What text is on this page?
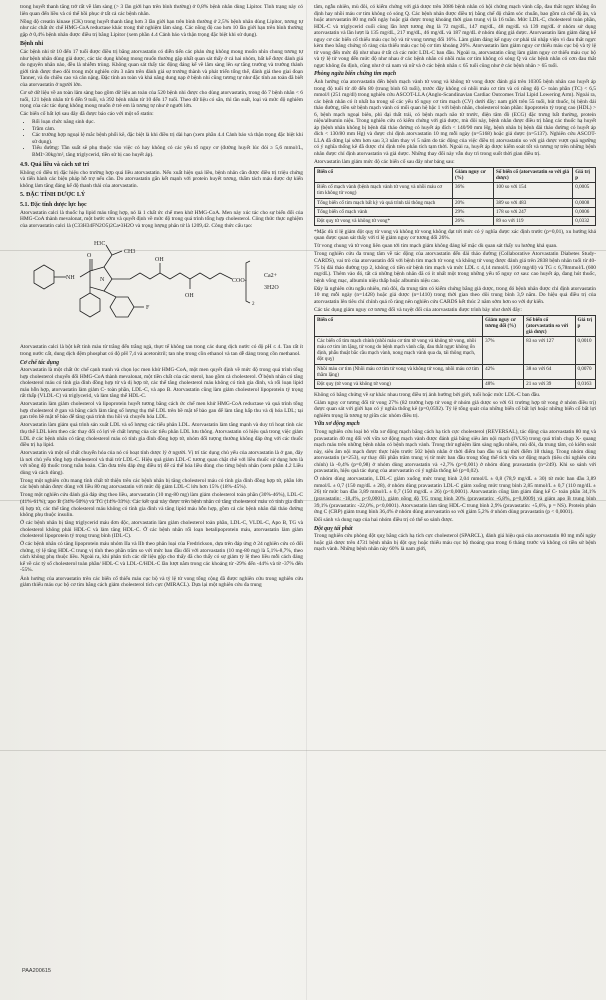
trong huyết thanh tăng trở rất về lâm sàng (> 3 lần giới hạn trên bình thường) ở 0,8% bệnh nhân dùng Lipitor. Tình trạng này có liên quan đến liều và có thể hồi phục ở tất cả các bệnh nhân.

Nồng độ creatin kinase (CK) trong huyết thanh tăng hơn 3 lần giới hạn trên bình thường ở 2,5% bệnh nhân dùng Lipitor, tương tự như các chất ức chế HMG-CoA reductase khác trong thử nghiệm lâm sàng. Các nồng độ cao hơn 10 lần giới hạn trên bình thường gặp ở 0,4% bệnh nhân được điều trị bằng Lipitor (xem phần 4.4 Cảnh báo và thận trọng đặc biệt khi sử dụng).

Bệnh nhi

Các bệnh nhi từ 10 đến 17 tuổi được điều trị bằng atorvastatin có diễn tiến các phản ứng không mong muốn nhìn chung tương tự như bệnh nhân dùng giả dược, các tác dụng không mong muốn thường gặp nhất quan sát thấy ở cả hai nhóm, bất kể được đánh giá do nguyên nhân nào, đều là nhiễm trùng. Không quan sát thấy tác động đáng kể về lâm sàng lên sự tăng trưởng và trưởng thành giới tính được theo dõi trong một nghiên cứu 3 năm trên đánh giá sự trưởng thành và phát triển tổng thể, đánh giá theo giai đoạn Tanner, và đo chiều cao và cân nặng. Đặc tính an toàn và khả năng dung nạp ở bệnh nhi cũng tương tự như đặc tính an toàn đã biết của atorvastatin ở người lớn.

Cơ sở dữ liệu về an toàn lâm sàng bao gồm dữ liệu an toàn của 520 bệnh nhi được cho dùng atorvastatin, trong đó 7 bệnh nhân < 6 tuổi, 121 bệnh nhân từ 6 đến 9 tuổi, và 392 bệnh nhân từ 10 đến 17 tuổi. Theo dữ liệu có sẵn, thì tần suất, loại và mức độ nghiêm trọng của các tác dụng không mong muốn ở trẻ em là tương tự như ở người lớn.

Các biến cố bất lợi sau đây đã được báo cáo với một số statin:

• Rối loạn chức năng sinh dục.
• Trầm cảm.
• Các trường hợp ngoại lệ mắc bệnh phổi kẽ, đặc biệt là khi điều trị dài hạn (xem phần 4.4 Cảnh báo và thận trọng đặc biệt khi sử dụng).
• Tiểu đường: Tần suất sẽ phụ thuộc vào việc có hay không có các yếu tố nguy cơ (đường huyết lúc đói ≥ 5,6 mmol/L, BMI>30kg/m², tăng triglycerid, tiền sử bị cao huyết áp).
4.9. Quá liều và cách xử trí

Không có điều trị đặc hiệu cho trường hợp quá liều atorvastatin. Nếu xuất hiện quá liều, bệnh nhân cần được điều trị triệu chứng và tiến hành các biện pháp hỗ trợ nếu cần. Do atorvastatin gắn kết mạnh với protein huyết tương, thẩm tách máu được dự kiến không làm tăng đáng kể độ thanh thải của atorvastatin.

5. ĐẶC TÍNH DƯỢC LÝ
5.1. Đặc tính dược lực học

Atorvastatin calci là thuốc hạ lipid máu tổng hợp, nó là 1 chất ức chế men khử HMG-CoA. Men này xúc tác cho sự biến đổi của HMG-CoA thành mevalonat, một bước sớm và quyết định về mức độ trong quá trình tổng hợp cholesterol. Công thức thực nghiệm của atorvastatin calci là (C33H34FN2O5)2Ca•3H2O và trọng lượng phân tử là 1209,42. Công thức cấu tạo:

NH
O
N
CH3
H3C
OH
OH
COO-
F
Ca2+
3H2O
2

Atorvastatin calci là bột kết tinh màu từ trắng đến trắng ngà, thực tế không tan trong các dung dịch nước có độ pH ≤ 4. Tan rất ít trong nước cất, dung dịch đệm phosphat có độ pH 7,4 và acetonitril; tan nhẹ trong cồn ethanol và tan dễ dàng trong cồn methanol.

Cơ chế tác dụng

Atorvastatin là một chất ức chế cạnh tranh và chọn lọc men khử HMG-CoA, một men quyết định về mức độ trong quá trình tổng hợp cholesterol chuyển đổi HMG-CoA thành mevalonat, một tiền chất của các sterol, bao gồm cả cholesterol. Ở bệnh nhân có tăng cholesterol máu có tính gia đình đồng hợp tử và dị hợp tử, các thể tăng cholesterol máu không có tính gia đình, và rối loạn lipid máu hỗn hợp, atorvastatin làm giảm C- toàn phần, LDL-C, và apo B. Atorvastatin cũng làm giảm cholesterol lipoprotein tỷ trọng rất thấp (VLDL-C) và triglycerid, và làm tăng thể HDL-C.

Atorvastatin làm giảm cholesterol và lipoprotein huyết tương bằng cách ức chế men khử HMG-CoA reductase và quá trình tổng hợp cholesterol ở gan và bằng cách làm tăng số lượng thụ thể LDL trên bề mặt tế bào gan để làm tăng hấp thu và dị hóa LDL; tại gan trên bề mặt tế bào để tăng quá trình thu hồi và chuyển hóa LDL.

Atorvastatin làm giảm quá trình sản xuất LDL và số lượng các tiểu phân LDL. Atorvastatin làm tăng mạnh và duy trì hoạt tính các thụ thể LDL kèm theo các thay đổi có lợi về chất lượng của các tiểu phân LDL lưu thông. Atorvastatin có hiệu quả trong việc giảm LDL ở các bệnh nhân có tăng cholesterol máu có tính gia đình đồng hợp tử, nhóm đối tượng thường không đáp ứng với các thuốc điều trị hạ lipid.

Atorvastatin và một số chất chuyển hóa của nó có hoạt tính dược lý ở người. Vị trí tác dụng chủ yếu của atorvastatin là ở gan, đây là nơi chủ yếu tổng hợp cholesterol và thải trừ LDL-C. Hiệu quả giảm LDL-C tương quan chặt chẽ với liều thuốc sử dụng hơn là với nồng độ thuốc trong tuần hoàn. Cần đưa trên đáp ứng điều trị để cá thể hóa liều dùng cho từng bệnh nhân (xem phần 4.2 Liều dùng và cách dùng).

Trong một nghiên cứu mang tính chất tử thiện trên các bệnh nhân bị tăng cholesterol máu có tính gia đình đồng hợp tử, phần lớn các bệnh nhân được dùng với liều 80 mg atorvastatin với mức độ giảm LDL-C lớn hơn 15% (18%-45%).

Trong một nghiên cứu đánh giá đáp ứng theo liều, atorvastatin (10 mg-80 mg) làm giảm cholesterol toàn phần (30%-46%), LDL-C (41%-61%), apo B (34%-50%) và TG (14%-33%). Các kết quả này được trên bệnh nhân có tăng cholesterol máu có tính gia đình dị hợp tử, các thể tăng cholesterol máu không có tính gia đình và tăng lipid máu hỗn hợp, gồm cả các bệnh nhân đái tháo đường không phụ thuộc insulin.

Ở các bệnh nhân bị tăng triglycerid máu đơn độc, atorvastatin làm giảm cholesterol toàn phần, LDL-C, VLDL-C, Apo B, TG và cholesterol không phải HDL-C và làm tăng HDL-C. Ở các bệnh nhân rối loạn betalipoprotein máu, atorvastatin làm giảm cholesterol lipoprotein tỷ trọng trung bình (IDL-C).

Ở các bệnh nhân có tăng lipoprotein máu nhóm IIa và IIb theo phân loại của Fredrickson, dựa trên đáp ứng ở 24 nghiên cứu có đối chứng, tỷ lệ tăng HDL-C trung vị tính theo phần trăm so với mức ban đầu đối với atorvastatin (10 mg-80 mg) là 5,1%-8,7%, theo cách không phụ thuộc liều. Ngoài ra, khi phân tích các dữ liệu gộp cho thấy đã cho thấy có sự giảm tỷ lệ theo liều mỗi cách đáng kể về các tỷ số cholesterol toàn phần/ HDL-C và LDL-C/HDL-C lần lượt nằm trong các khoảng từ -29% đến -44% và từ -37% đến -55%.

Ảnh hưởng của atorvastatin trên các biến cố thiếu máu cục bộ và tỷ lệ tử vong tổng cộng đã được nghiên cứu trong nghiên cứu giảm thiếu máu cục bộ cơ tim bằng cách giảm cholesterol tích cực (MIRACL). Dựa lại một nghiên cứu đa trung

tâm, ngẫu nhiên, mù đôi, có kiểm chứng với giả dược trên 3086 bệnh nhân có hội chứng mạch vành cấp, đau thắt ngực không ổn định hay nhồi máu cơ tim không có sóng Q. Các bệnh nhân được điều trị bằng chế độ chăm sóc chuẩn, bao gồm cả chế độ ăn, và hoặc atorvastatin 80 mg mỗi ngày hoặc giả dược trong khoảng thời gian trung vị là 16 tuần. Mức LDL-C, cholesterol toàn phần, HDL-C và triglycerid cuối cùng lần lượt tương ứng là 72 mg/dL, 147 mg/dL, 48 mg/dL và 139 mg/dL ở nhóm sử dụng atorvastatin và lần lượt là 135 mg/dL, 217 mg/dL, 46 mg/dL và 187 mg/dL ở nhóm dùng giả dược. Atorvastatin làm giảm đáng kể nguy cơ các biến cố thiếu máu cục bộ và tử vong tương đối 16%. Làm giảm đáng kể nguy cơ phải tái nhập viện vì đau thắt ngực kèm theo bằng chứng rõ ràng của thiếu máu cục bộ cơ tim khoảng 26%. Atorvastatin làm giảm nguy cơ thiếu máu cục bộ và tỷ lệ tử vong đến mức độ như nhau ở tất cả các mức LDL-C ban đầu. Ngoài ra, atorvastatin cũng làm giảm nguy cơ thiếu máu cục bộ và tỷ lệ tử vong đến mức độ như nhau ở các bệnh nhân có nhồi máu cơ tim không có sóng Q và các bệnh nhân có cơn đau thắt ngực không ổn định, cũng như ở cả nam và nữ và ở các bệnh nhân ≤ 65 tuổi cũng như ở các bệnh nhân > 65 tuổi.

Phòng ngừa biến chứng tim mạch

Ảnh hưởng của atorvastatin đến bệnh mạch vành tử vong và không tử vong được đánh giá trên 10305 bệnh nhân cao huyết áp trong độ tuổi từ 40 đến 80 (trung bình 63 tuổi), trước đây không có nhồi máu cơ tim và có nồng độ C- toàn phần (TC) < 6,5 mmol/l (251 mg/dl) trong nghiên cứu ASCOT-LLA (Anglo-Scandinavian Cardiac Outcomes Trial Lipid Lowering Arm). Ngoài ra, các bệnh nhân có ít nhất ba trong số các yếu tố nguy cơ tim mạch (CV) dưới đây: nam giới trên 55 tuổi, hút thuốc, bị bệnh đái tháo đường, tiền sử bệnh mạch vành có mối quan hệ bậc 1 với bệnh nhân, cholesterol toàn phần: lipoprotein tỷ trọng cao (HDL) > 6, bệnh mạch ngoại biên, phì đại thất trái, có bệnh mạch não từ trước, điện tâm đồ (ECG) đặc trưng bất thường, protein niệu/albumin niệu. Trong nghiên cứu có kiểm chứng với giả dược, mù đôi này, bệnh nhân được điều trị bằng các thuốc hạ huyết áp (bệnh nhân không bị bệnh đái tháo đường có huyết áp đích < 140/90 mm Hg, bệnh nhân bị bệnh đái tháo đường có huyết áp đích < 130/80 mm Hg) và được chỉ định atorvastatin 10 mg mỗi ngày (n=5168) hoặc giả dược (n=5137). Nghiên cứu ASCOT-LLA đã dừng lại sớm hơn sau 3,3 năm thay vì 5 năm do tác động của việc điều trị atorvastatin so với giả dược vượt quá ngưỡng có ý nghĩa thống kê đã được chỉ định trên phân tích tạm thời. Ngoài ra, huyết áp được kiểm soát tốt và tương tự trên những bệnh nhân được chỉ định atorvastatin và giả dược. Những thay đổi này vẫn duy trì trong suốt thời gian điều trị.

Atorvastatin làm giảm mức độ các biến cố sau đây như bảng sau:

Biến cố	Giảm nguy cơ (%)	Số biến cố (atorvastatin so với giả dược)	Giá trị p
Biến cố mạch vành (bệnh mạch vành tử vong và nhồi máu cơ tim không tử vong)	36%	100 so với 154	0,0005
Tổng biến cố tim mạch bất kỳ và quá trình tái thông mạch	20%	389 so với 483	0,0008
Tổng biến cố mạch vành	29%	178 so với 247	0,0006
Đột quỵ tử vong và không tử vong*	26%	89 so với 119	0,0332

*Mặc dù tỉ lệ giảm đột quỵ tử vong và không tử vong không đạt tới mức có ý nghĩa được xác định trước (p=0,01), xu hướng khả quan được quan sát thấy với tỉ lệ giảm nguy cơ tương đối 26%.

Tử vong chung và tử vong liên quan tới tim mạch giảm không đáng kể mặc dù quan sát thấy xu hướng khả quan.

Trong nghiên cứu đa trung tâm về tác động của atorvastatin đến đái tháo đường (Collaborative Atorvastatin Diabetes Study-CARDS), vai trò của atorvastatin đối với bệnh tim mạch tử vong và không tử vong được đánh giá trên 2838 bệnh nhân tuổi từ 40-75 bị đái tháo đường typ 2, không có tiền sử bệnh tim mạch và mức LDL ≤ 4,14 mmol/L (160 mg/dl) và TG ≤ 6,78mmol/L (600 mg/dL). Thêm vào đó, tất cả những bệnh nhân đã có ít nhất một trong những yếu tố nguy cơ sau: cao huyết áp, đang hút thuốc, bệnh võng mạc, albumin niệu thấp hoặc albumin niệu cao.

Đây là nghiên cứu ngẫu nhiên, mù đôi, đa trung tâm có kiểm chứng bằng giả dược, trong đó bệnh nhân được chỉ định atorvastatin 10 mg mỗi ngày (n=1428) hoặc giả dược (n=1410) trong thời gian theo dõi trung bình 3,9 năm. Do hiệu quả điều trị của atorvastatin lên tiêu chí chính quá rõ ràng nên nghiên cứu CARDS kết thúc 2 năm sớm hơn so với dự kiến.

Các tác dụng giảm nguy cơ tương đối và tuyệt đối của atorvastatin được trình bày như dưới đây:

Biến cố	Giảm nguy cơ tương đối (%)	Số biến cố (atorvastatin so với giả dược)	Giá trị p
Các biến cố tim mạch chính (nhồi máu cơ tim tử vong và không tử vong, nhồi máu cơ tim im lặng, tử vong do bệnh mạch vành cấp, đau thắt ngực không ổn định, phẫu thuật bắc cầu mạch vành, nong mạch vành qua da, tái thông mạch, đột quỵ)	37%	83 so với 127	0,0010
Nhồi máu cơ tim (Nhồi máu cơ tim tử vong và không tử vong, nhồi máu cơ tim thầm lặng)	42%	38 so với 64	0,0070
Đột quỵ (tử vong và không tử vong)	48%	21 so với 39	0,0163

Không có bằng chứng về sự khác nhau trong điều trị ảnh hưởng bởi giới, tuổi hoặc mức LDL-C ban đầu.

Giảm nguy cơ tương đối tử vong 27% (82 trường hợp tử vong ở nhóm giả dược so với 61 trường hợp tử vong ở nhóm điều trị) được quan sát với giới hạn có ý nghĩa thống kê (p=0,0592). Tỷ lệ tổng quát của những biến cố bất lợi hoặc những biến cố bất lợi nghiêm trọng là tương tự giữa các nhóm điều trị.

Vữa xơ động mạch

Trong nghiên cứu loại bỏ vữa xơ động mạch bằng cách hạ tích cực cholesterol (REVERSAL), tác động của atorvastatin 80 mg và pravastatin 40 mg đối với vữa xơ động mạch vành được đánh giá bằng siêu âm nội mạch (IVUS) trong quá trình chụp X- quang mạch máu trên những bệnh nhân có bệnh mạch vành. Trong thử nghiệm lâm sàng ngẫu nhiên, mù đôi, đa trung tâm, có kiểm soát này, siêu âm nội mạch được thực hiện trước 502 bệnh nhân ở thời điểm ban đầu và tại thời điểm 18 tháng. Trong nhóm dùng atorvastatin (n=253), sự thay đổi phần trăm trung vị từ mức ban đầu trong tổng thể tích vữa xơ động mạch (tiêu chí nghiên cứu chính) là -0,4% (p=0,98) ở nhóm dùng atorvastatin và +2,7% (p=0,001) ở nhóm dùng pravastatin (n=249). Khi so sánh với pravastatin, hiệu quả tác dụng của atorvastatin có ý nghĩa thống kê (p=0,02).

Ở nhóm dùng atorvastatin, LDL-C giảm xuống mức trung bình 2,04 mmol/L ± 0,8 (78,9 mg/dL ± 30) từ mức ban đầu 3,89 mmol/L ± 0,7 (150 mg/dL ± 28), ở nhóm dùng pravastatin LDL-C giảm xuống mức trung bình 2,85 mmol/L ± 0,7 (110 mg/dL ± 26) từ mức ban đầu 3,89 mmol/L ± 0,7 (150 mg/dL ± 26) (p<0,0001). Atorvastatin cũng làm giảm đáng kể C- toàn phần 34,1% (pravastatin: -18,4%, p<0,0001), giảm nồng độ TG trung bình 20% (pravastatin: -6,8%, p=0,0009) và giảm apo B trung bình 39,1% (pravastatin: -22,0%, p<0,0001). Atorvastatin làm tăng HDL-C trung bình 2,9% (pravastatin: +5,6%, p = NS). Protein phản ứng C (CRP) giảm trung bình 36,4% ở nhóm dùng atorvastatin so với giảm 5,2% ở nhóm dùng pravastatin (p < 0,0001).

Đối sánh và dung nạp của hai nhóm điều trị có thể so sánh được.

Đột quỵ tái phát

Trong nghiên cứu phòng đột quỵ bằng cách hạ tích cực cholesterol (SPARCL), đánh giá hiệu quả của atorvastatin 80 mg mỗi ngày hoặc giả dược trên 4731 bệnh nhân bị đột quỵ hoặc thiếu máu cục bộ thoáng qua trong 6 tháng trước và không có tiền sử bệnh mạch vành. Những bệnh nhân này 60% là nam giới,

PAA200615
